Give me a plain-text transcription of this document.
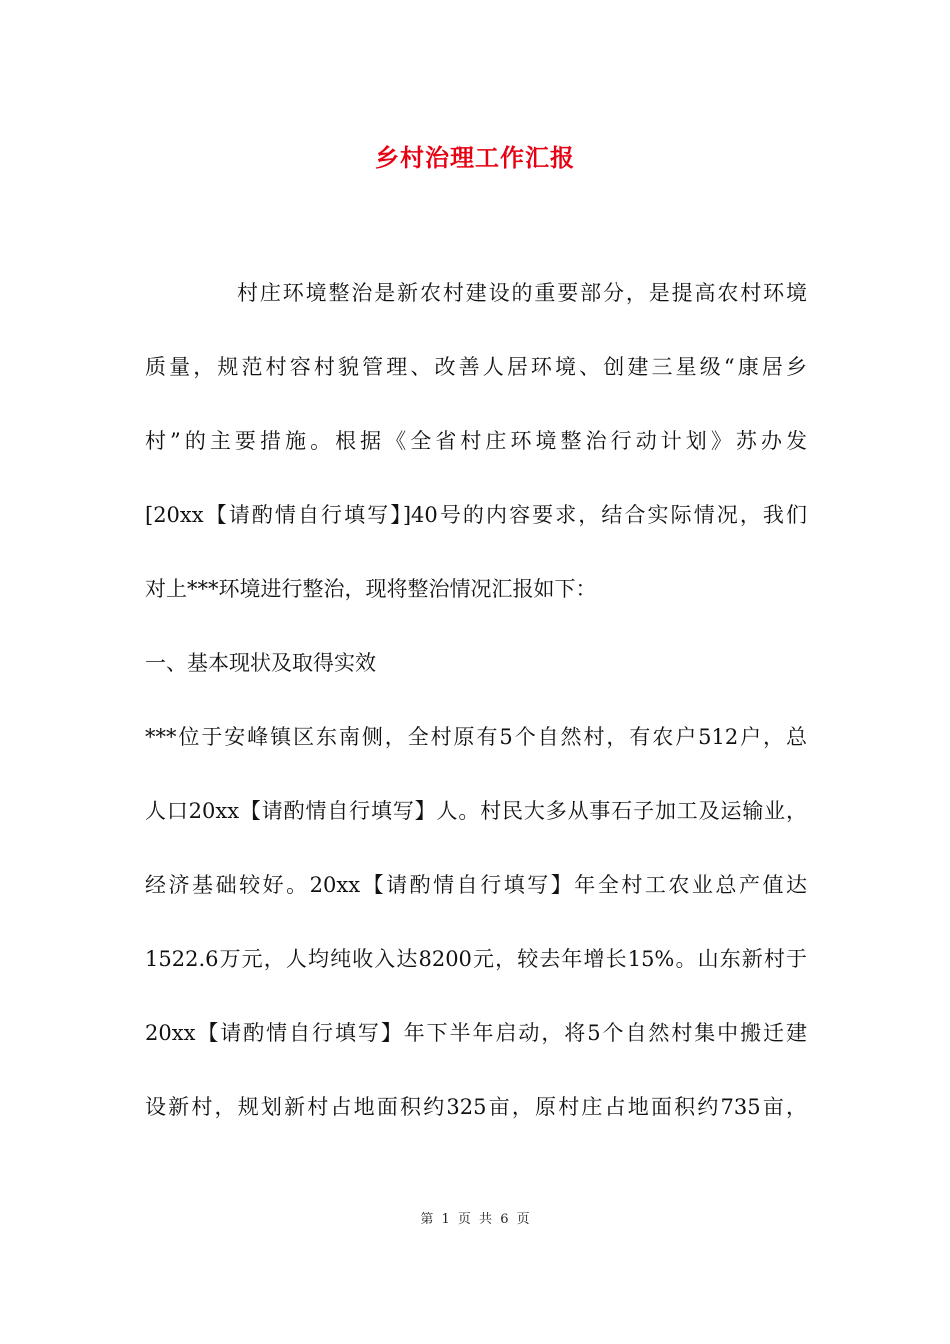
乡村治理工作汇报
村庄环境整治是新农村建设的重要部分，是提高农村环境
质量，规范村容村貌管理、改善人居环境、创建三星级“康居乡
村”的主要措施。根据《全省村庄环境整治行动计划》苏办发
[20xx【请酌情自行填写】]40号的内容要求，结合实际情况，我们
对上***环境进行整治，现将整治情况汇报如下：
一、基本现状及取得实效
***位于安峰镇区东南侧，全村原有5个自然村，有农户512户，总
人口20xx【请酌情自行填写】人。村民大多从事石子加工及运输业，
经济基础较好。20xx【请酌情自行填写】年全村工农业总产值达
1522.6万元，人均纯收入达8200元，较去年增长15%。山东新村于
20xx【请酌情自行填写】年下半年启动，将5个自然村集中搬迁建
设新村，规划新村占地面积约325亩，原村庄占地面积约735亩，
第 1 页 共 6 页
